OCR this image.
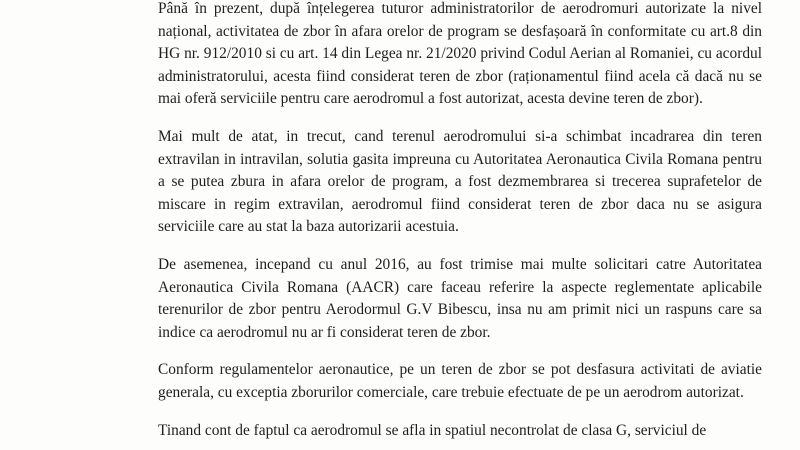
Până în prezent, după înțelegerea tuturor administratorilor de aerodromuri autorizate la nivel național, activitatea de zbor în afara orelor de program se desfașoară în conformitate cu art.8 din HG nr. 912/2010 si cu art. 14 din Legea nr. 21/2020 privind Codul Aerian al Romaniei, cu acordul administratorului, acesta fiind considerat teren de zbor (raționamentul fiind acela că dacă nu se mai oferă serviciile pentru care aerodromul a fost autorizat, acesta devine teren de zbor).

Mai mult de atat, in trecut, cand terenul aerodromului si-a schimbat incadrarea din teren extravilan in intravilan, solutia gasita impreuna cu Autoritatea Aeronautica Civila Romana pentru a se putea zbura in afara orelor de program, a fost dezmembrarea si trecerea suprafetelor de miscare in regim extravilan, aerodromul fiind considerat teren de zbor daca nu se asigura serviciile care au stat la baza autorizarii acestuia.

De asemenea, incepand cu anul 2016, au fost trimise mai multe solicitari catre Autoritatea Aeronautica Civila Romana (AACR) care faceau referire la aspecte reglementate aplicabile terenurilor de zbor pentru Aerodormul G.V Bibescu, insa nu am primit nici un raspuns care sa indice ca aerodromul nu ar fi considerat teren de zbor.

Conform regulamentelor aeronautice, pe un teren de zbor se pot desfasura activitati de aviatie generala, cu exceptia zborurilor comerciale, care trebuie efectuate de pe un aerodrom autorizat.

Tinand cont de faptul ca aerodromul se afla in spatiul necontrolat de clasa G, serviciul de
